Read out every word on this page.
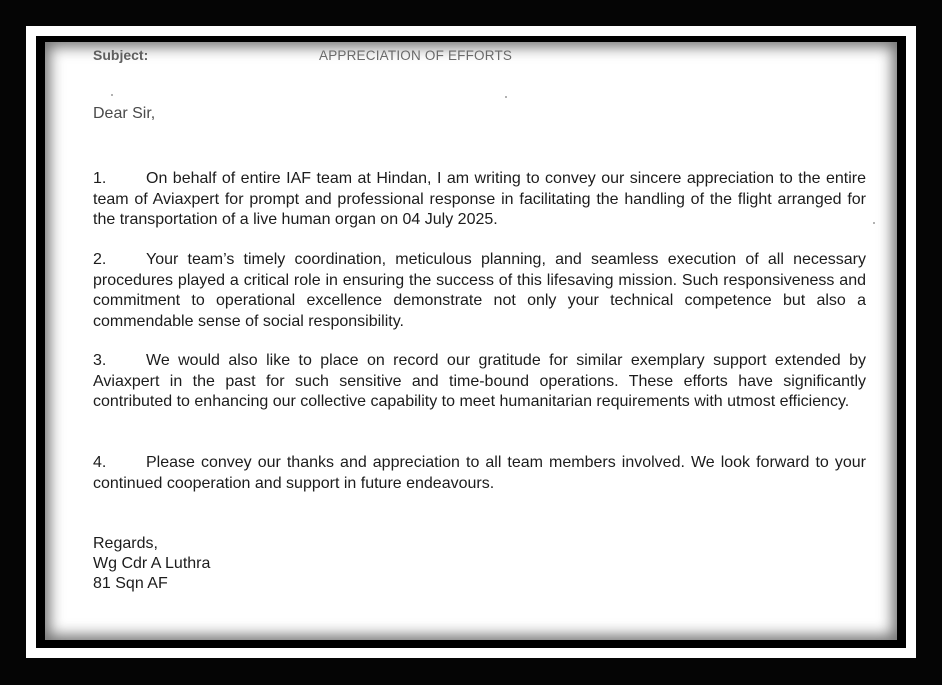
Subject:	APPRECIATION OF EFFORTS
Dear Sir,
1. On behalf of entire IAF team at Hindan, I am writing to convey our sincere appreciation to the entire team of Aviaxpert for prompt and professional response in facilitating the handling of the flight arranged for the transportation of a live human organ on 04 July 2025.
2. Your team’s timely coordination, meticulous planning, and seamless execution of all necessary procedures played a critical role in ensuring the success of this lifesaving mission. Such responsiveness and commitment to operational excellence demonstrate not only your technical competence but also a commendable sense of social responsibility.
3. We would also like to place on record our gratitude for similar exemplary support extended by Aviaxpert in the past for such sensitive and time-bound operations. These efforts have significantly contributed to enhancing our collective capability to meet humanitarian requirements with utmost efficiency.
4. Please convey our thanks and appreciation to all team members involved. We look forward to your continued cooperation and support in future endeavours.
Regards,
Wg Cdr A Luthra
81 Sqn AF
